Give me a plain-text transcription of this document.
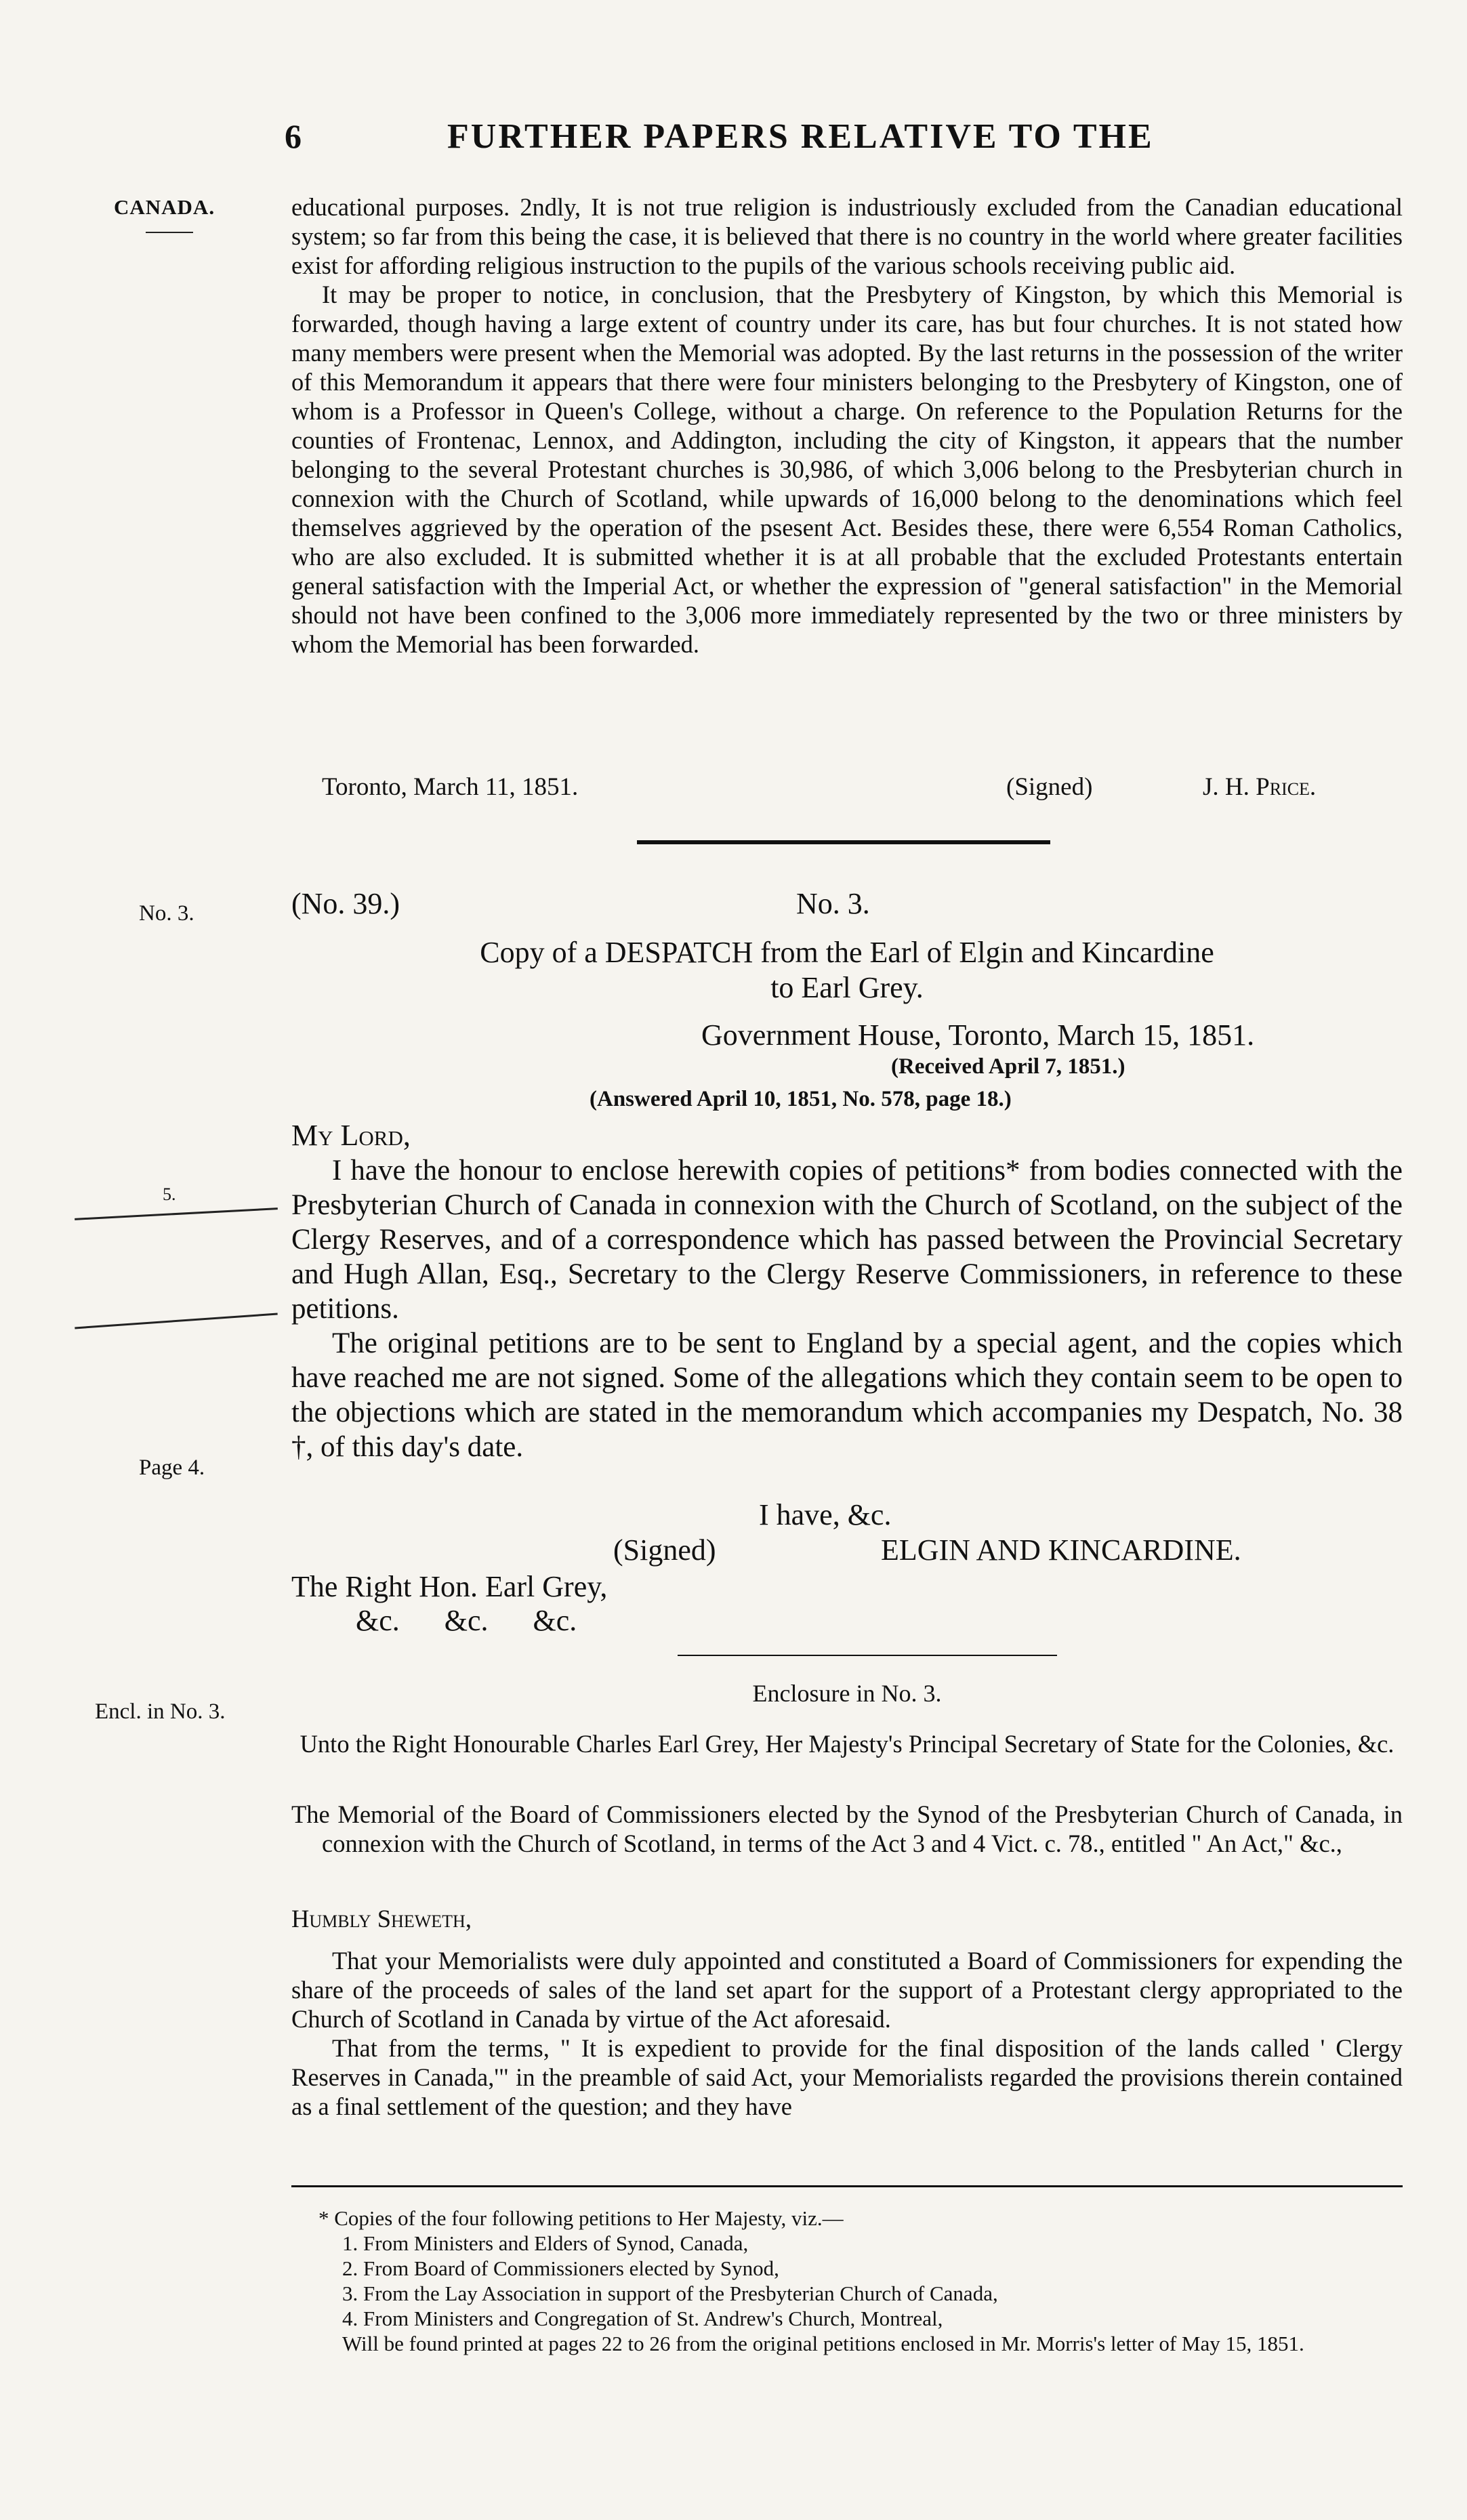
6	FURTHER PAPERS RELATIVE TO THE
CANADA.
No. 3.
5.
Page 4.
Encl. in No. 3.

educational purposes. 2ndly, It is not true religion is industriously excluded from the Canadian educational system; so far from this being the case, it is believed that there is no country in the world where greater facilities exist for affording religious instruction to the pupils of the various schools receiving public aid.

It may be proper to notice, in conclusion, that the Presbytery of Kingston, by which this Memorial is forwarded, though having a large extent of country under its care, has but four churches. It is not stated how many members were present when the Memorial was adopted. By the last returns in the possession of the writer of this Memorandum it appears that there were four ministers belonging to the Presbytery of Kingston, one of whom is a Professor in Queen's College, without a charge. On reference to the Population Returns for the counties of Frontenac, Lennox, and Addington, including the city of Kingston, it appears that the number belonging to the several Protestant churches is 30,986, of which 3,006 belong to the Presbyterian church in connexion with the Church of Scotland, while upwards of 16,000 belong to the denominations which feel themselves aggrieved by the operation of the psesent Act. Besides these, there were 6,554 Roman Catholics, who are also excluded. It is submitted whether it is at all probable that the excluded Protestants entertain general satisfaction with the Imperial Act, or whether the expression of "general satisfaction" in the Memorial should not have been confined to the 3,006 more immediately represented by the two or three ministers by whom the Memorial has been forwarded.

Toronto, March 11, 1851.	(Signed)	J. H. Price.
(No. 39.)	No. 3.
Copy of a DESPATCH from the Earl of Elgin and Kincardine
to Earl Grey.
Government House, Toronto, March 15, 1851.
(Received April 7, 1851.)
(Answered April 10, 1851, No. 578, page 18.)
My Lord,

I have the honour to enclose herewith copies of petitions* from bodies connected with the Presbyterian Church of Canada in connexion with the Church of Scotland, on the subject of the Clergy Reserves, and of a correspondence which has passed between the Provincial Secretary and Hugh Allan, Esq., Secretary to the Clergy Reserve Commissioners, in reference to these petitions.

The original petitions are to be sent to England by a special agent, and the copies which have reached me are not signed. Some of the allegations which they contain seem to be open to the objections which are stated in the memorandum which accompanies my Despatch, No. 38 †, of this day's date.

I have, &c.
(Signed)	ELGIN AND KINCARDINE.
The Right Hon. Earl Grey,
&c.      &c.      &c.
Enclosure in No. 3.
Unto the Right Honourable Charles Earl Grey, Her Majesty's Principal Secretary of State for the Colonies, &c.

The Memorial of the Board of Commissioners elected by the Synod of the Presbyterian Church of Canada, in connexion with the Church of Scotland, in terms of the Act 3 and 4 Vict. c. 78., entitled " An Act," &c.,

Humbly Sheweth,

That your Memorialists were duly appointed and constituted a Board of Commissioners for expending the share of the proceeds of sales of the land set apart for the support of a Protestant clergy appropriated to the Church of Scotland in Canada by virtue of the Act aforesaid.

That from the terms, " It is expedient to provide for the final disposition of the lands called ' Clergy Reserves in Canada,'" in the preamble of said Act, your Memorialists regarded the provisions therein contained as a final settlement of the question; and they have

* Copies of the four following petitions to Her Majesty, viz.—
1. From Ministers and Elders of Synod, Canada,
2. From Board of Commissioners elected by Synod,
3. From the Lay Association in support of the Presbyterian Church of Canada,
4. From Ministers and Congregation of St. Andrew's Church, Montreal,
Will be found printed at pages 22 to 26 from the original petitions enclosed in Mr. Morris's letter of May 15, 1851.
